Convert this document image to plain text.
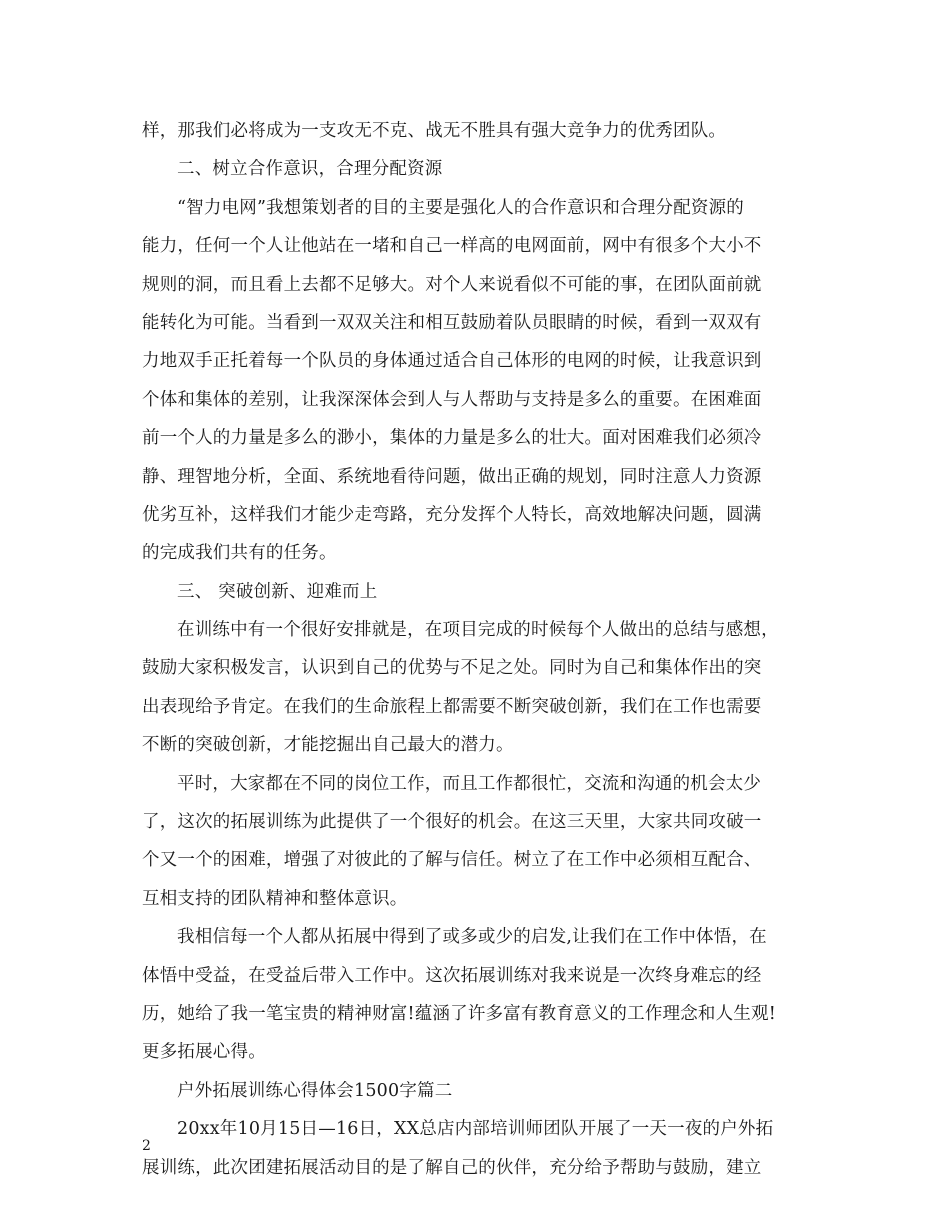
样，那我们必将成为一支攻无不克、战无不胜具有强大竞争力的优秀团队。
二、树立合作意识，合理分配资源
“智力电网”我想策划者的目的主要是强化人的合作意识和合理分配资源的
能力，任何一个人让他站在一堵和自己一样高的电网面前，网中有很多个大小不
规则的洞，而且看上去都不足够大。对个人来说看似不可能的事，在团队面前就
能转化为可能。当看到一双双关注和相互鼓励着队员眼睛的时候，看到一双双有
力地双手正托着每一个队员的身体通过适合自己体形的电网的时候，让我意识到
个体和集体的差别，让我深深体会到人与人帮助与支持是多么的重要。在困难面
前一个人的力量是多么的渺小，集体的力量是多么的壮大。面对困难我们必须冷
静、理智地分析，全面、系统地看待问题，做出正确的规划，同时注意人力资源
优劣互补，这样我们才能少走弯路，充分发挥个人特长，高效地解决问题，圆满
的完成我们共有的任务。
三、 突破创新、迎难而上
在训练中有一个很好安排就是，在项目完成的时候每个人做出的总结与感想，
鼓励大家积极发言，认识到自己的优势与不足之处。同时为自己和集体作出的突
出表现给予肯定。在我们的生命旅程上都需要不断突破创新，我们在工作也需要
不断的突破创新，才能挖掘出自己最大的潜力。
平时，大家都在不同的岗位工作，而且工作都很忙，交流和沟通的机会太少
了，这次的拓展训练为此提供了一个很好的机会。在这三天里，大家共同攻破一
个又一个的困难，增强了对彼此的了解与信任。树立了在工作中必须相互配合、
互相支持的团队精神和整体意识。
我相信每一个人都从拓展中得到了或多或少的启发,让我们在工作中体悟，在
体悟中受益，在受益后带入工作中。这次拓展训练对我来说是一次终身难忘的经
历，她给了我一笔宝贵的精神财富!蕴涵了许多富有教育意义的工作理念和人生观!
更多拓展心得。
户外拓展训练心得体会1500字篇二
20xx年10月15日—16日，XX总店内部培训师团队开展了一天一夜的户外拓
展训练，此次团建拓展活动目的是了解自己的伙伴，充分给予帮助与鼓励，建立
2
